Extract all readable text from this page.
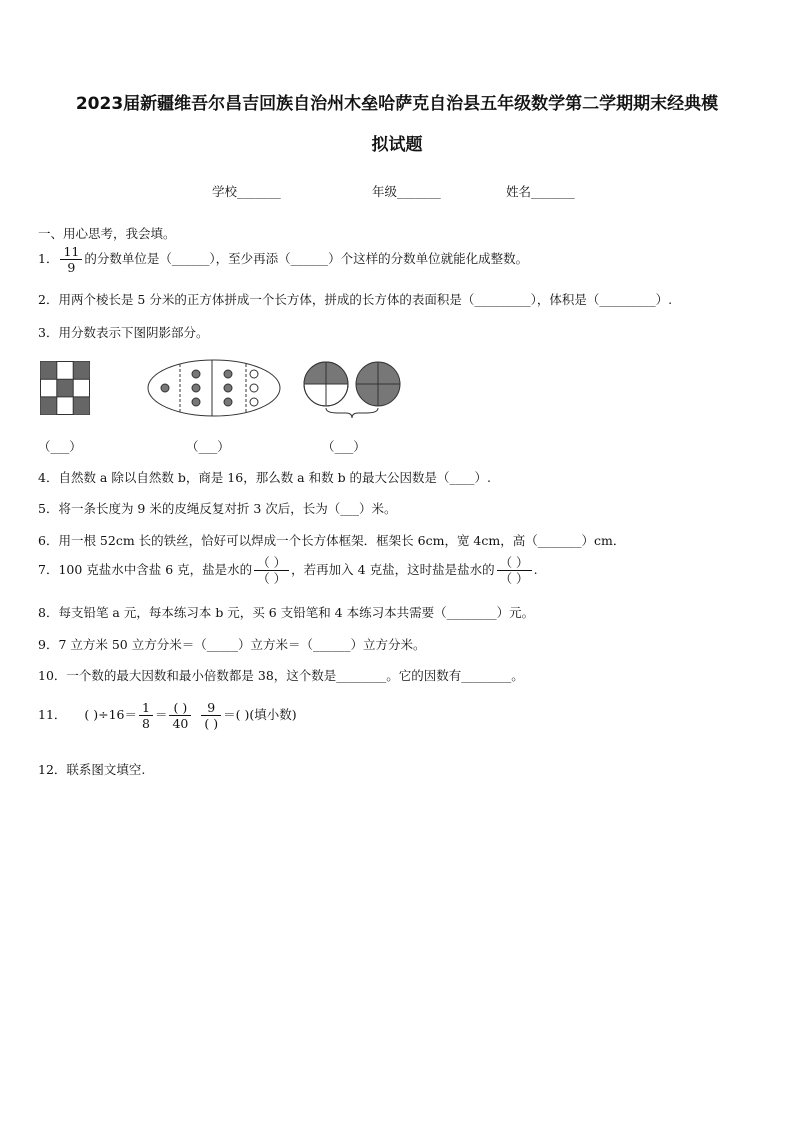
2023届新疆维吾尔昌吉回族自治州木垒哈萨克自治县五年级数学第二学期期末经典模
拟试题
学校_______	年级_______	姓名_______
一、用心思考，我会填。
1． $\frac{11}{9}$ 的分数单位是（______），至少再添（______）个这样的分数单位就能化成整数。
2．用两个棱长是 5 分米的正方体拼成一个长方体，拼成的长方体的表面积是（_________），体积是（_________）.
3．用分数表示下图阴影部分。
（___）	（___）	（___）
4．自然数 a 除以自然数 b，商是 16，那么数 a 和数 b 的最大公因数是（____）.
5．将一条长度为 9 米的皮绳反复对折 3 次后，长为（___）米。
6．用一根 52cm 长的铁丝，恰好可以焊成一个长方体框架．框架长 6cm，宽 4cm，高（_______）cm．
7．100 克盐水中含盐 6 克，盐是水的 $\frac{( )}{( )}$ ，若再加入 4 克盐，这时盐是盐水的 $\frac{( )}{( )}$ .
8．每支铅笔 a 元，每本练习本 b 元，买 6 支铅笔和 4 本练习本共需要（________）元。
9．7 立方米 50 立方分米＝（_____）立方米＝（______）立方分米。
10．一个数的最大因数和最小倍数都是 38，这个数是________。它的因数有________。
11． ( )$\div 16= \frac{1}{8} = \frac{( )}{40} \frac{9}{( )}$ ＝( )(填小数)
12．联系图文填空.
